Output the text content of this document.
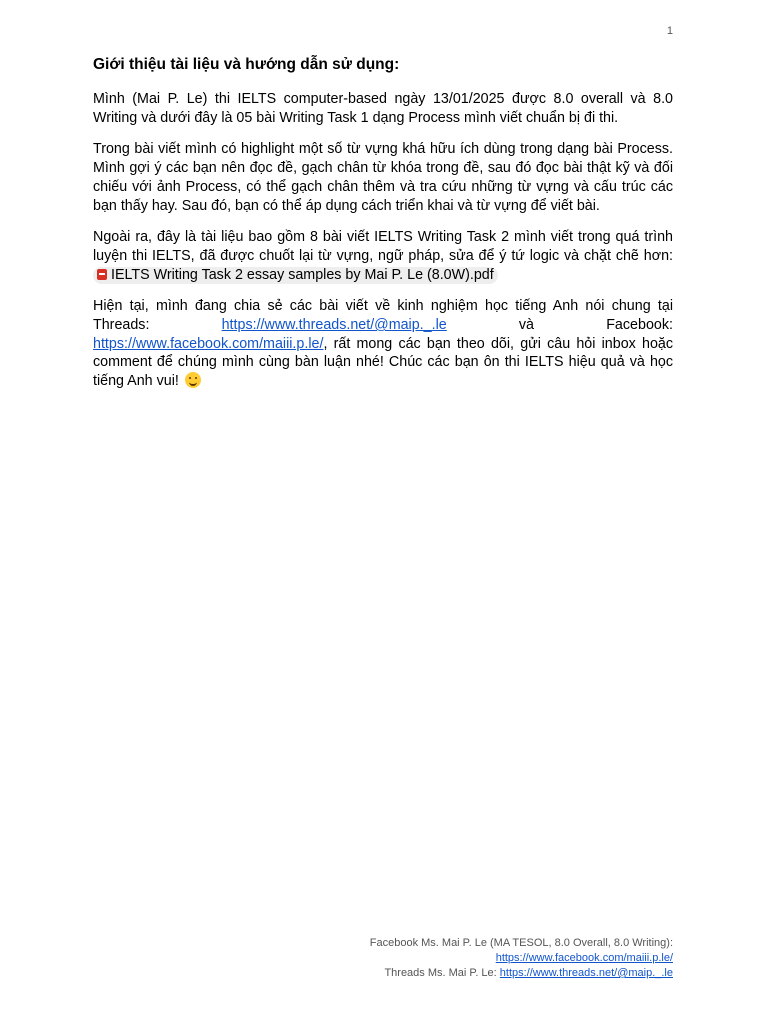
1
Giới thiệu tài liệu và hướng dẫn sử dụng:

Mình (Mai P. Le) thi IELTS computer-based ngày 13/01/2025 được 8.0 overall và 8.0 Writing và dưới đây là 05 bài Writing Task 1 dạng Process mình viết chuẩn bị đi thi.

Trong bài viết mình có highlight một số từ vựng khá hữu ích dùng trong dạng bài Process. Mình gợi ý các bạn nên đọc đề, gạch chân từ khóa trong đề, sau đó đọc bài thật kỹ và đối chiếu với ảnh Process, có thể gạch chân thêm và tra cứu những từ vựng và cấu trúc các bạn thấy hay. Sau đó, bạn có thể áp dụng cách triển khai và từ vựng để viết bài.

Ngoài ra, đây là tài liệu bao gồm 8 bài viết IELTS Writing Task 2 mình viết trong quá trình luyện thi IELTS, đã được chuốt lại từ vựng, ngữ pháp, sửa để ý tứ logic và chặt chẽ hơn: IELTS Writing Task 2 essay samples by Mai P. Le (8.0W).pdf

Hiện tại, mình đang chia sẻ các bài viết về kinh nghiệm học tiếng Anh nói chung tại
Threads:	https://www.threads.net/@maip._.le	và	Facebook:
https://www.facebook.com/maiii.p.le/, rất mong các bạn theo dõi, gửi câu hỏi inbox hoặc comment để chúng mình cùng bàn luận nhé! Chúc các bạn ôn thi IELTS hiệu quả và học tiếng Anh vui!
Facebook Ms. Mai P. Le (MA TESOL, 8.0 Overall, 8.0 Writing):
https://www.facebook.com/maiii.p.le/
Threads Ms. Mai P. Le: https://www.threads.net/@maip._.le
